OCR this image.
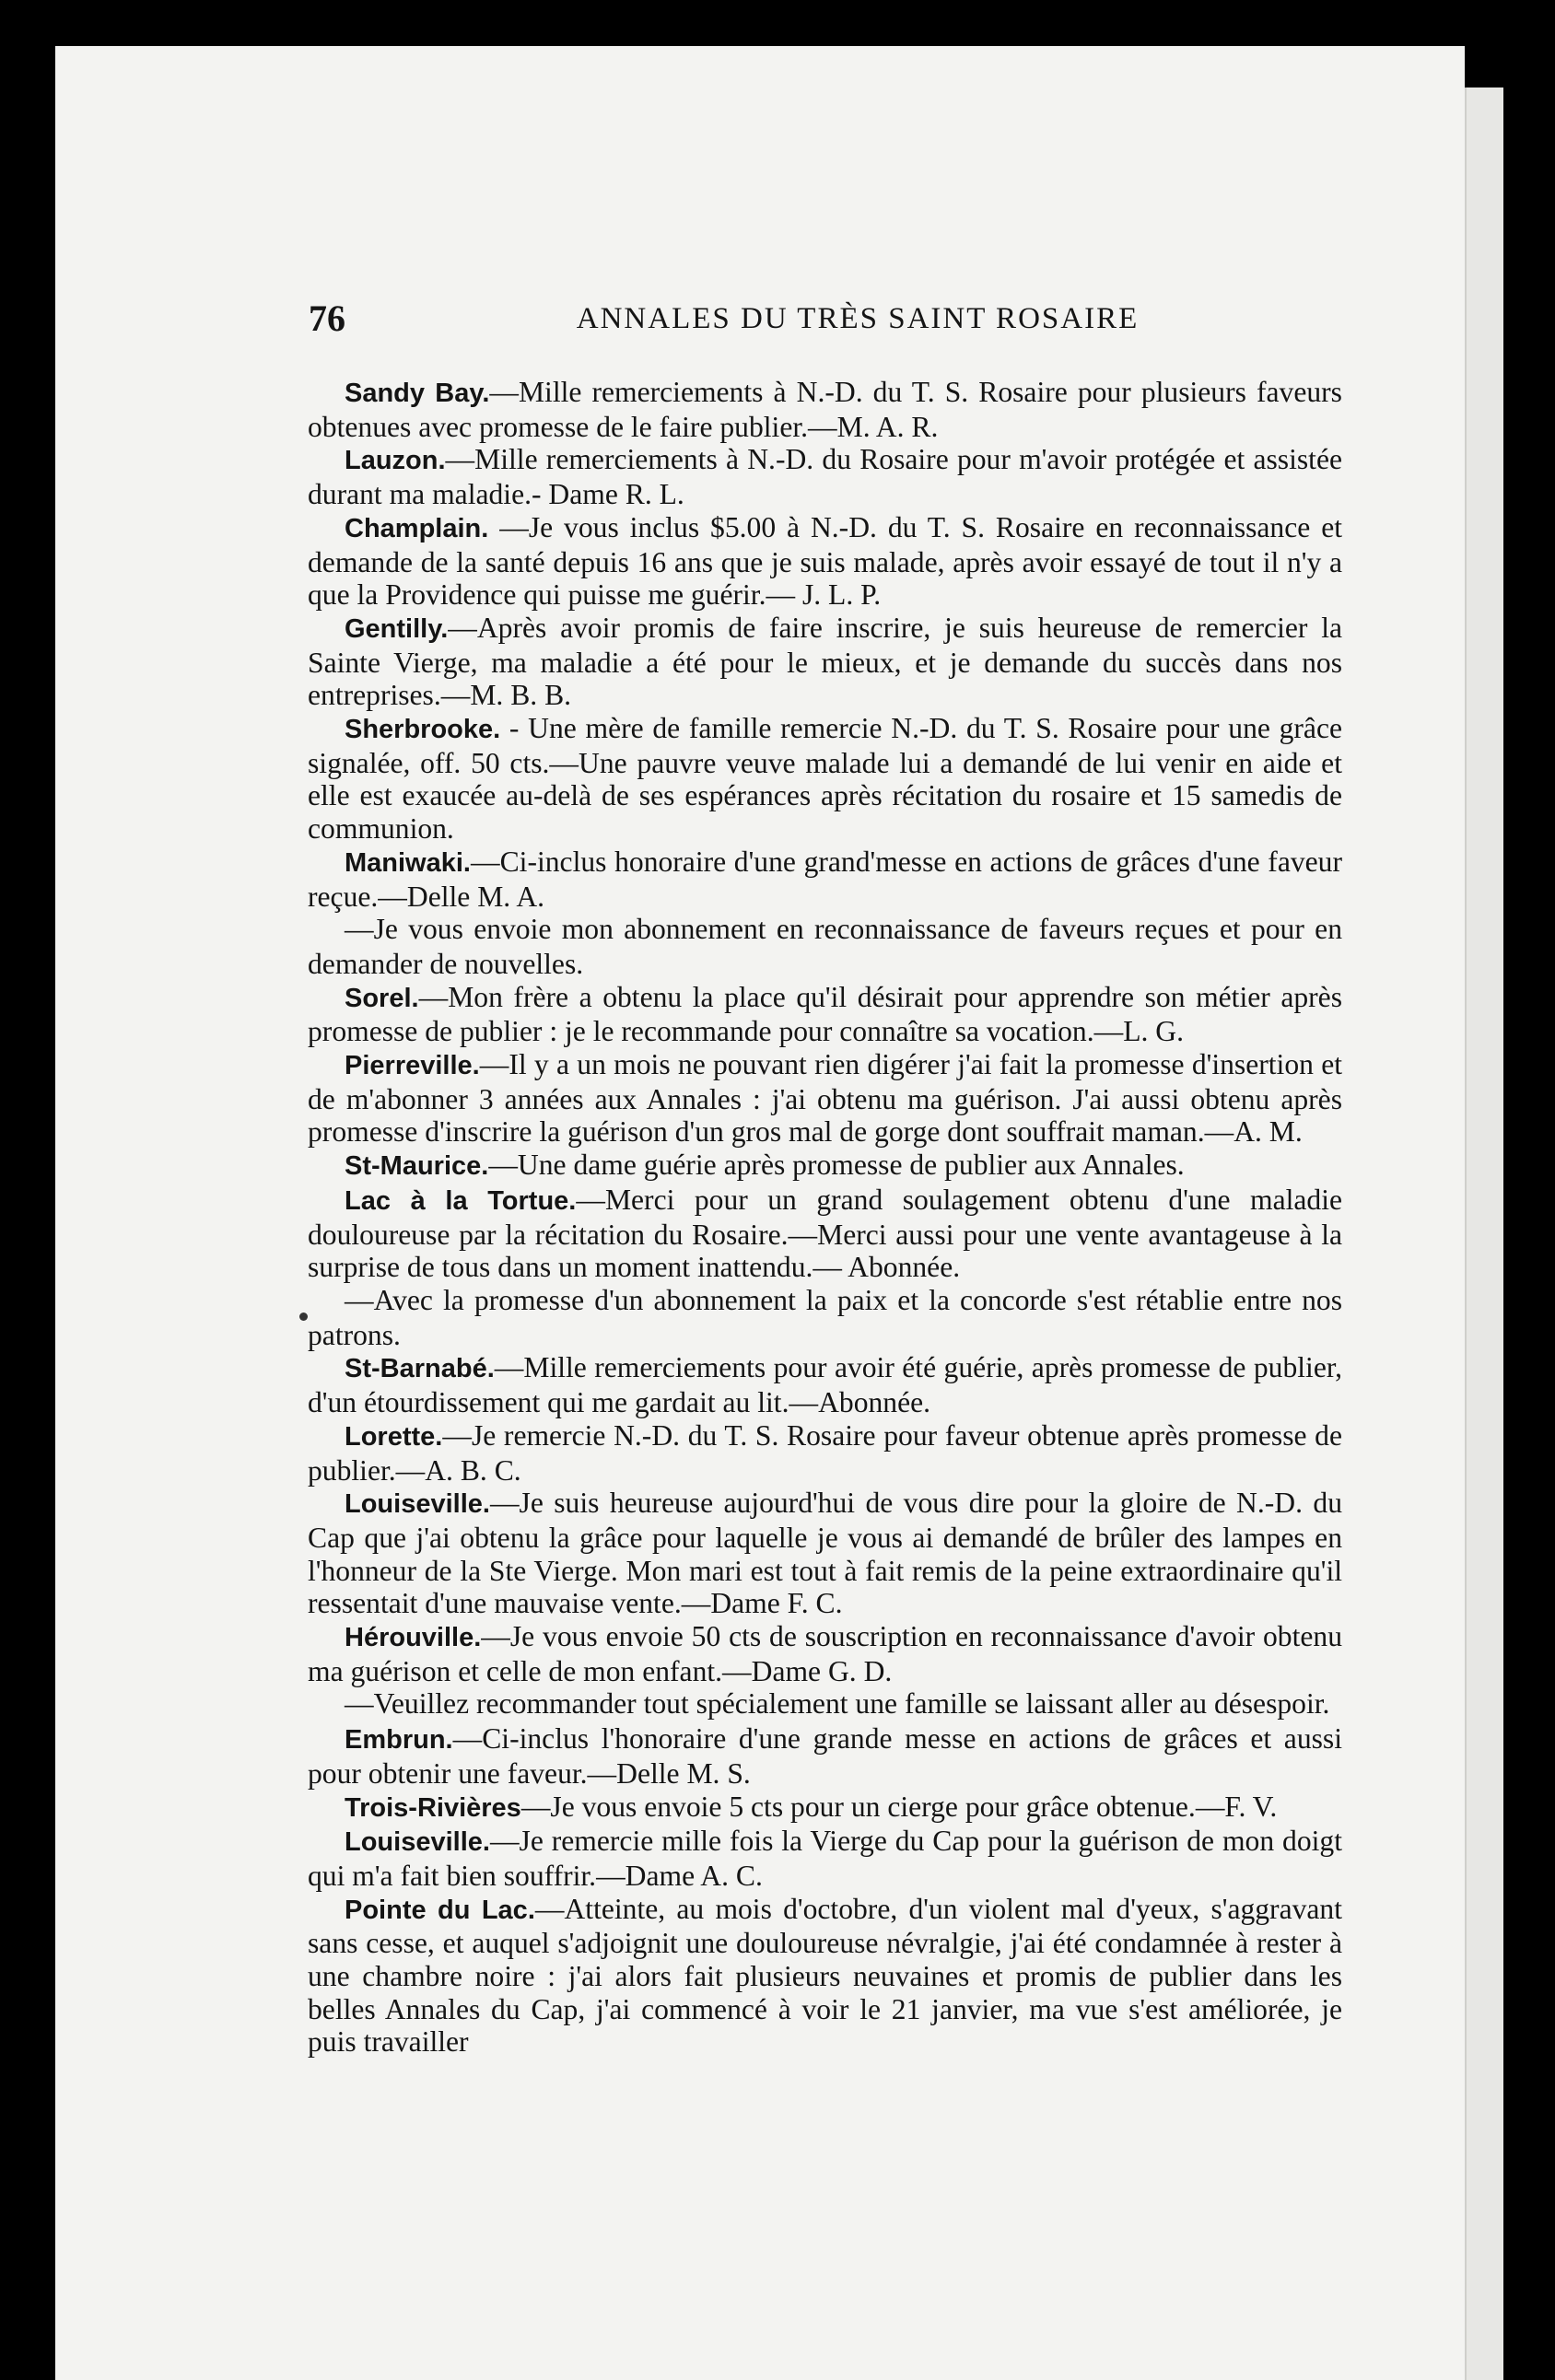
76	ANNALES DU TRÈS SAINT ROSAIRE

Sandy Bay.—Mille remerciements à N.-D. du T. S. Rosaire pour plusieurs faveurs obtenues avec promesse de le faire publier.—M. A. R.

Lauzon.—Mille remerciements à N.-D. du Rosaire pour m'avoir protégée et assistée durant ma maladie.- Dame R. L.

Champlain. —Je vous inclus $5.00 à N.-D. du T. S. Rosaire en reconnaissance et demande de la santé depuis 16 ans que je suis malade, après avoir essayé de tout il n'y a que la Providence qui puisse me guérir.— J. L. P.

Gentilly.—Après avoir promis de faire inscrire, je suis heureuse de remercier la Sainte Vierge, ma maladie a été pour le mieux, et je demande du succès dans nos entreprises.—M. B. B.

Sherbrooke. - Une mère de famille remercie N.-D. du T. S. Rosaire pour une grâce signalée, off. 50 cts.—Une pauvre veuve malade lui a demandé de lui venir en aide et elle est exaucée au-delà de ses espérances après récitation du rosaire et 15 samedis de communion.

Maniwaki.—Ci-inclus honoraire d'une grand'messe en actions de grâces d'une faveur reçue.—Delle M. A.

—Je vous envoie mon abonnement en reconnaissance de faveurs reçues et pour en demander de nouvelles.

Sorel.—Mon frère a obtenu la place qu'il désirait pour apprendre son métier après promesse de publier : je le recommande pour connaître sa vocation.—L. G.

Pierreville.—Il y a un mois ne pouvant rien digérer j'ai fait la promesse d'insertion et de m'abonner 3 années aux Annales : j'ai obtenu ma guérison. J'ai aussi obtenu après promesse d'inscrire la guérison d'un gros mal de gorge dont souffrait maman.—A. M.

St-Maurice.—Une dame guérie après promesse de publier aux Annales.

Lac à la Tortue.—Merci pour un grand soulagement obtenu d'une maladie douloureuse par la récitation du Rosaire.—Merci aussi pour une vente avantageuse à la surprise de tous dans un moment inattendu.— Abonnée.

—Avec la promesse d'un abonnement la paix et la concorde s'est rétablie entre nos patrons.

St-Barnabé.—Mille remerciements pour avoir été guérie, après promesse de publier, d'un étourdissement qui me gardait au lit.—Abonnée.

Lorette.—Je remercie N.-D. du T. S. Rosaire pour faveur obtenue après promesse de publier.—A. B. C.

Louiseville.—Je suis heureuse aujourd'hui de vous dire pour la gloire de N.-D. du Cap que j'ai obtenu la grâce pour laquelle je vous ai demandé de brûler des lampes en l'honneur de la Ste Vierge. Mon mari est tout à fait remis de la peine extraordinaire qu'il ressentait d'une mauvaise vente.—Dame F. C.

Hérouville.—Je vous envoie 50 cts de souscription en reconnaissance d'avoir obtenu ma guérison et celle de mon enfant.—Dame G. D.

—Veuillez recommander tout spécialement une famille se laissant aller au désespoir.

Embrun.—Ci-inclus l'honoraire d'une grande messe en actions de grâces et aussi pour obtenir une faveur.—Delle M. S.

Trois-Rivières—Je vous envoie 5 cts pour un cierge pour grâce obtenue.—F. V.

Louiseville.—Je remercie mille fois la Vierge du Cap pour la guérison de mon doigt qui m'a fait bien souffrir.—Dame A. C.

Pointe du Lac.—Atteinte, au mois d'octobre, d'un violent mal d'yeux, s'aggravant sans cesse, et auquel s'adjoignit une douloureuse névralgie, j'ai été condamnée à rester à une chambre noire : j'ai alors fait plusieurs neuvaines et promis de publier dans les belles Annales du Cap, j'ai commencé à voir le 21 janvier, ma vue s'est améliorée, je puis travailler
